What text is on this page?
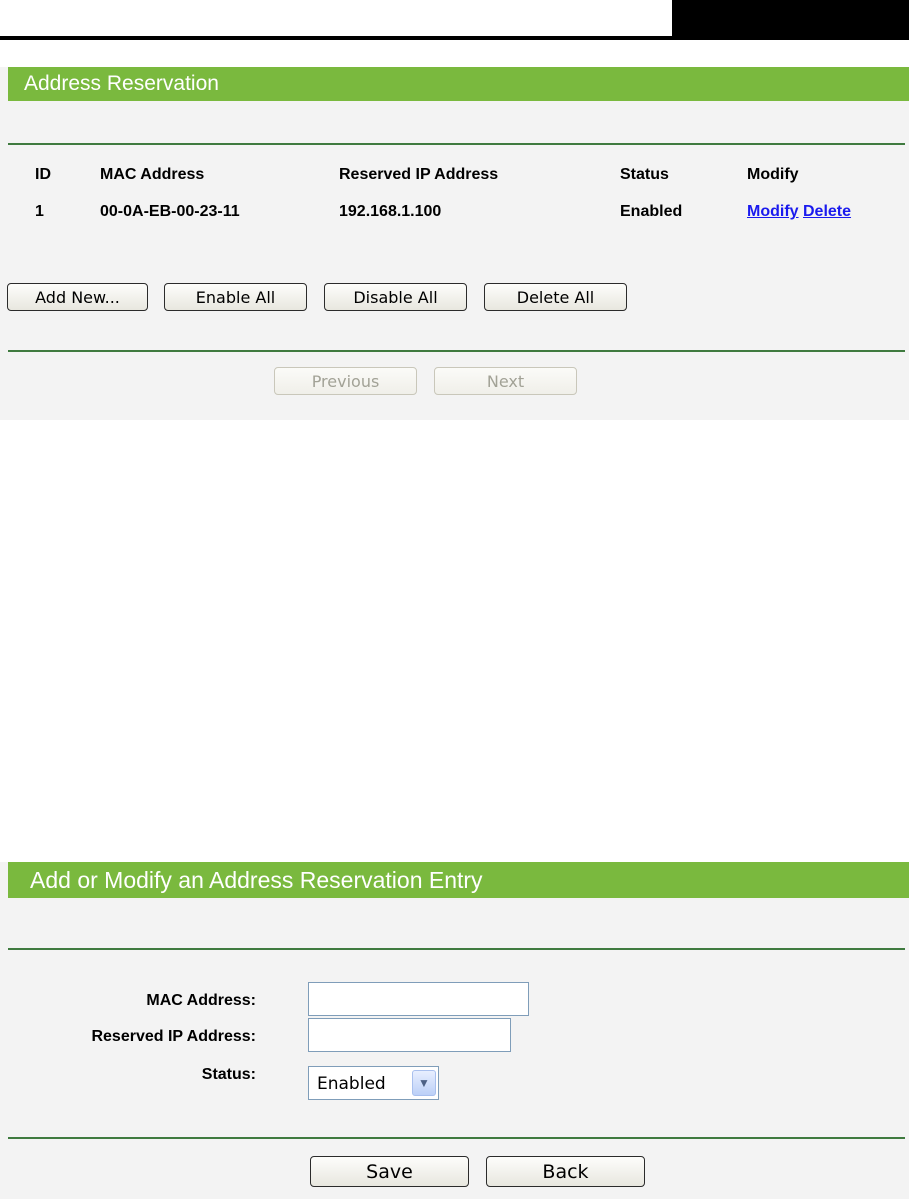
Address Reservation
ID	MAC Address	Reserved IP Address	Status	Modify
1	00-0A-EB-00-23-11	192.168.1.100	Enabled	Modify Delete
Add New...	Enable All	Disable All	Delete All
Previous	Next
Add or Modify an Address Reservation Entry
MAC Address:
Reserved IP Address:
Status:	Enabled	▼
Save	Back
